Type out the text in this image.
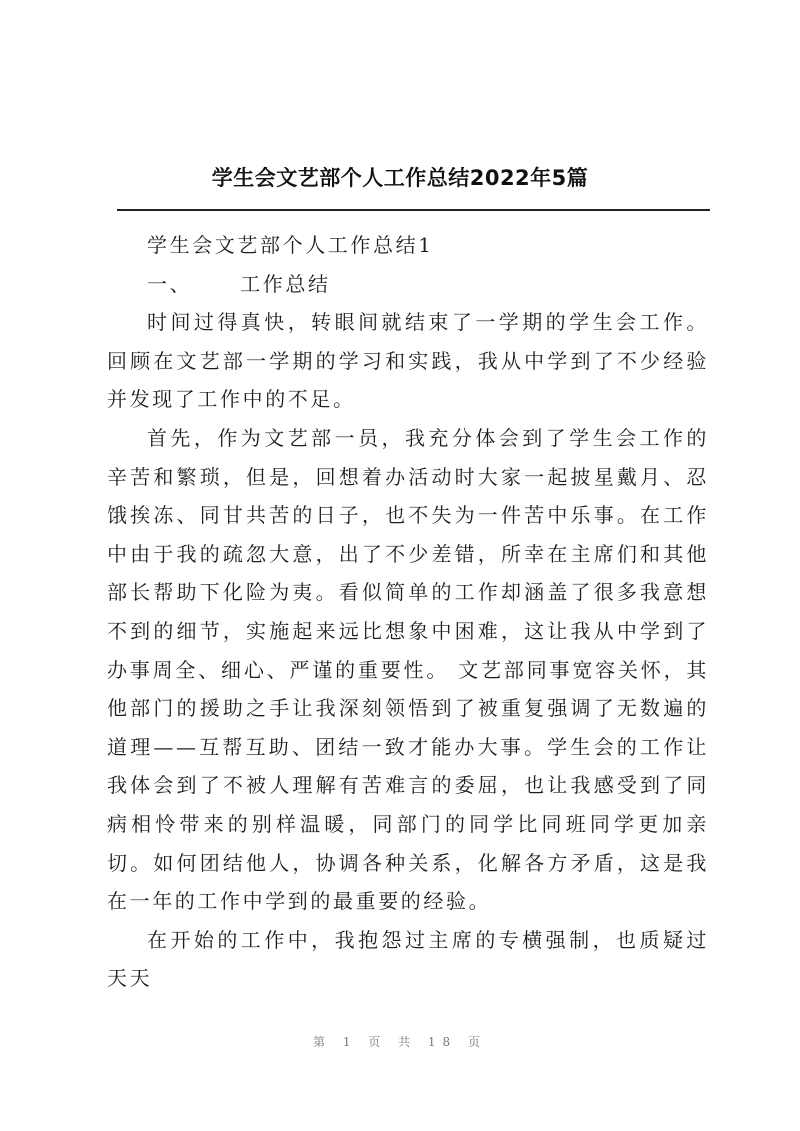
学生会文艺部个人工作总结2022年5篇

学生会文艺部个人工作总结1

一、 工作总结

时间过得真快，转眼间就结束了一学期的学生会工作。回顾在文艺部一学期的学习和实践，我从中学到了不少经验并发现了工作中的不足。

首先，作为文艺部一员，我充分体会到了学生会工作的辛苦和繁琐，但是，回想着办活动时大家一起披星戴月、忍饿挨冻、同甘共苦的日子，也不失为一件苦中乐事。在工作中由于我的疏忽大意，出了不少差错，所幸在主席们和其他部长帮助下化险为夷。看似简单的工作却涵盖了很多我意想不到的细节，实施起来远比想象中困难，这让我从中学到了办事周全、细心、严谨的重要性。 文艺部同事宽容关怀，其他部门的援助之手让我深刻领悟到了被重复强调了无数遍的道理——互帮互助、团结一致才能办大事。学生会的工作让我体会到了不被人理解有苦难言的委屈，也让我感受到了同病相怜带来的别样温暖，同部门的同学比同班同学更加亲切。如何团结他人，协调各种关系，化解各方矛盾，这是我在一年的工作中学到的最重要的经验。

在开始的工作中，我抱怨过主席的专横强制，也质疑过天天

第 1 页 共 18 页
